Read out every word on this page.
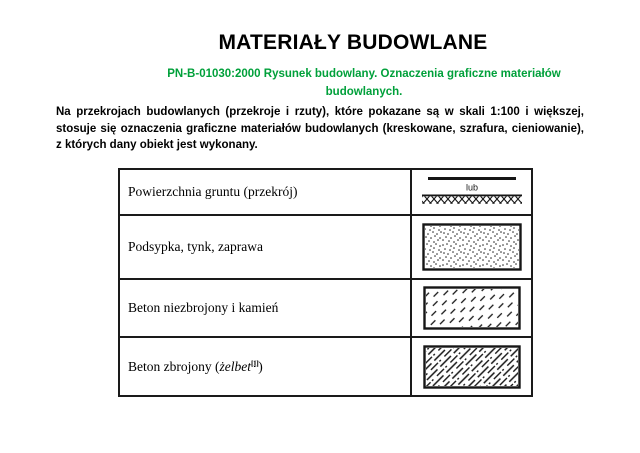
MATERIAŁY BUDOWLANE
PN-B-01030:2000 Rysunek budowlany. Oznaczenia graficzne materiałów budowlanych.

Na przekrojach budowlanych (przekroje i rzuty), które pokazane są w skali 1:100 i większej, stosuje się oznaczenia graficzne materiałów budowlanych (kreskowane, szrafura, cieniowanie), z których dany obiekt jest wykonany.

Powierzchnia gruntu (przekrój)	lub

Podsypka, tynk, zaprawa	

Beton niezbrojony i kamień	

Beton zbrojony (żelbet[1])	
